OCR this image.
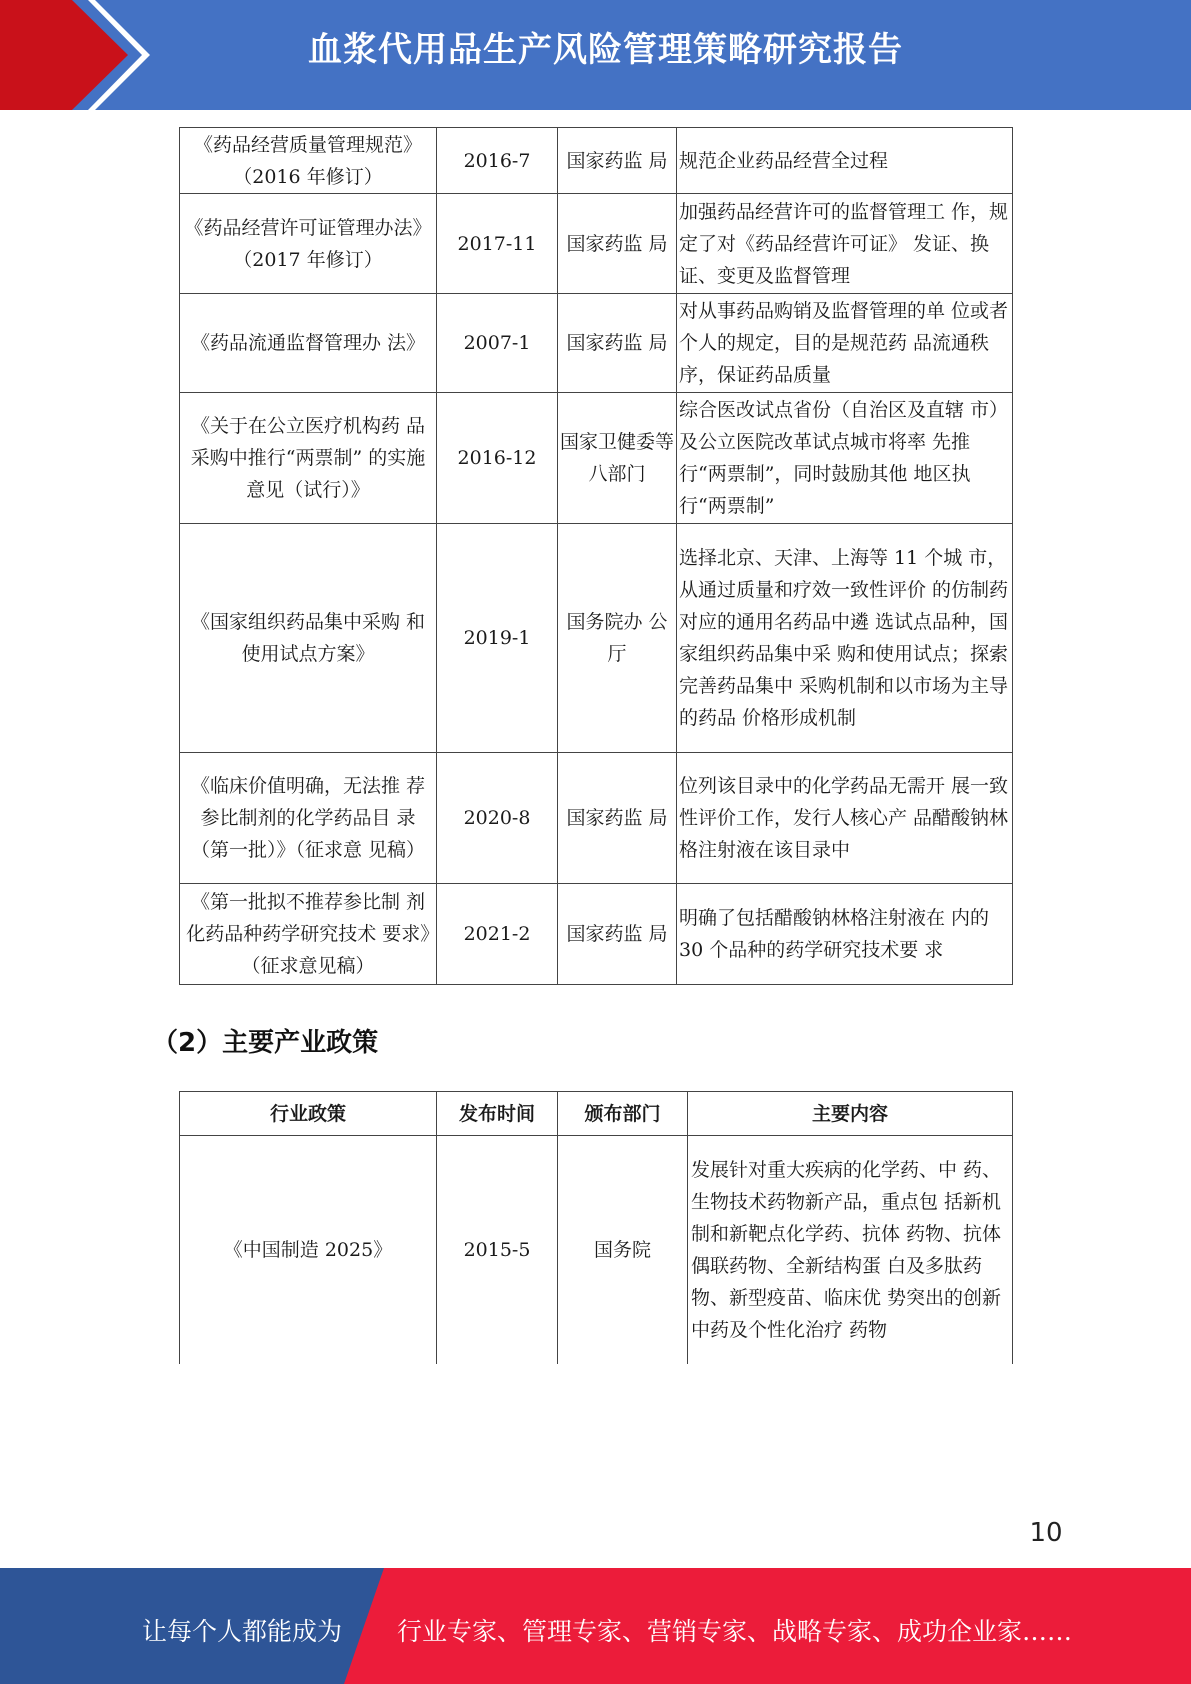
血浆代用品生产风险管理策略研究报告
《药品经营质量管理规范》（2016 年修订）	2016-7	国家药监 局	规范企业药品经营全过程
《药品经营许可证管理办法》（2017 年修订）	2017-11	国家药监 局	加强药品经营许可的监督管理工 作，规定了对《药品经营许可证》 发证、换证、变更及监督管理
《药品流通监督管理办 法》	2007-1	国家药监 局	对从事药品购销及监督管理的单 位或者个人的规定，目的是规范药 品流通秩序，保证药品质量
《关于在公立医疗机构药 品采购中推行“两票制” 的实施意见（试行）》	2016-12	国家卫健委等八部门	综合医改试点省份（自治区及直辖 市）及公立医院改革试点城市将率 先推行“两票制”，同时鼓励其他 地区执行“两票制”
《国家组织药品集中采购 和使用试点方案》	2019-1	国务院办 公厅	选择北京、天津、上海等 11 个城 市，从通过质量和疗效一致性评价 的仿制药对应的通用名药品中遴 选试点品种，国家组织药品集中采 购和使用试点；探索完善药品集中 采购机制和以市场为主导的药品 价格形成机制
《临床价值明确，无法推 荐参比制剂的化学药品目 录（第一批）》（征求意 见稿）	2020-8	国家药监 局	位列该目录中的化学药品无需开 展一致性评价工作，发行人核心产 品醋酸钠林格注射液在该目录中
《第一批拟不推荐参比制 剂化药品种药学研究技术 要求》（征求意见稿）	2021-2	国家药监 局	明确了包括醋酸钠林格注射液在 内的 30 个品种的药学研究技术要 求
（2）主要产业政策
行业政策	发布时间	颁布部门	主要内容
《中国制造 2025》	2015-5	国务院	发展针对重大疾病的化学药、中 药、生物技术药物新产品，重点包 括新机制和新靶点化学药、抗体 药物、抗体偶联药物、全新结构蛋 白及多肽药物、新型疫苗、临床优 势突出的创新中药及个性化治疗 药物
10
让每个人都能成为 行业专家、管理专家、营销专家、战略专家、成功企业家……
